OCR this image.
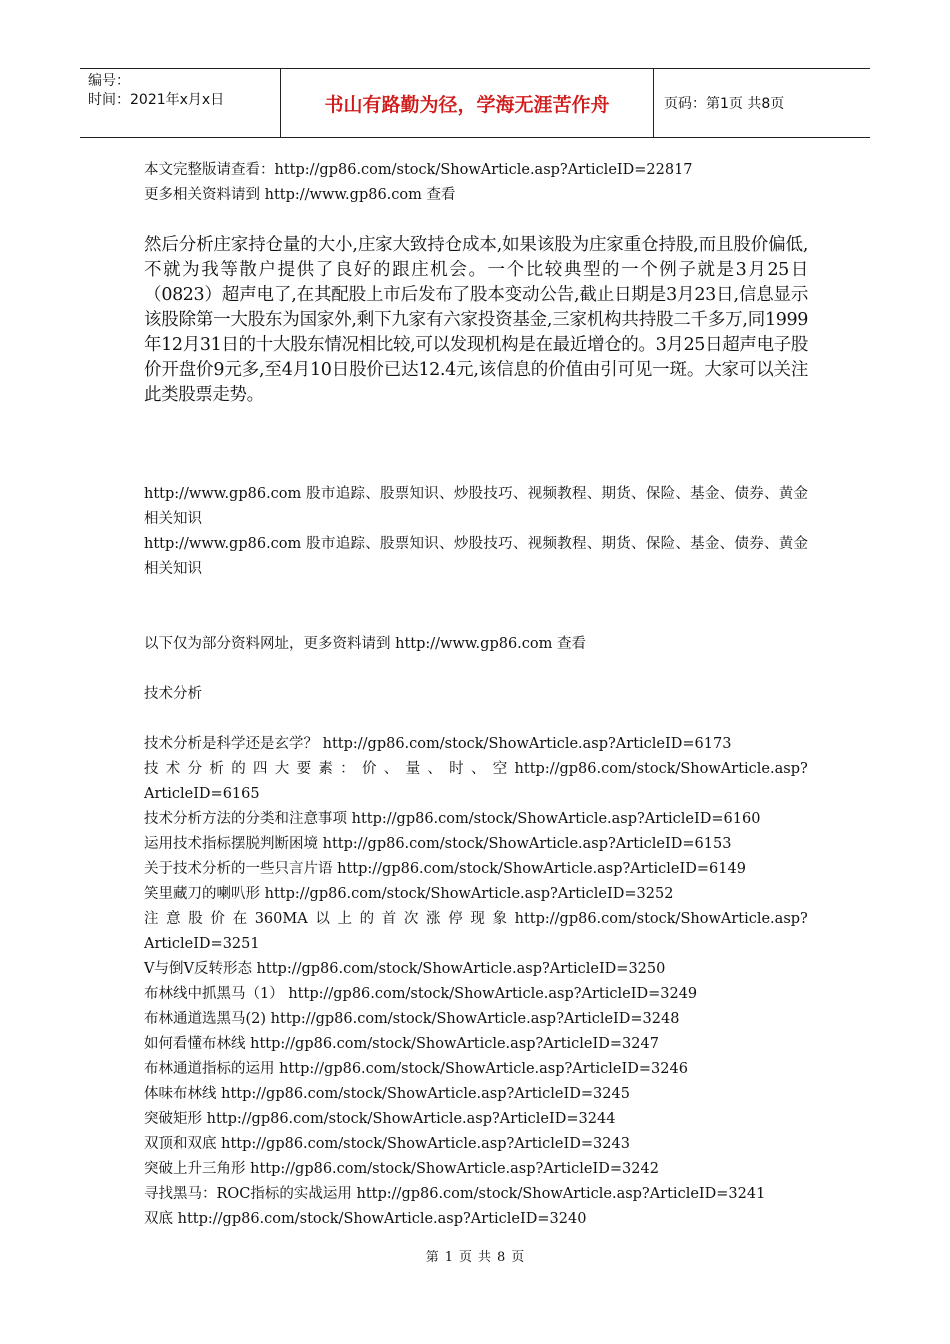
编号：
时间：2021年x月x日	书山有路勤为径，学海无涯苦作舟	页码：第1页 共8页

本文完整版请查看：http://gp86.com/stock/ShowArticle.asp?ArticleID=22817

更多相关资料请到 http://www.gp86.com 查看

然后分析庄家持仓量的大小,庄家大致持仓成本,如果该股为庄家重仓持股,而且股价偏低,不就为我等散户提供了良好的跟庄机会。一个比较典型的一个例子就是3月25日（0823）超声电了,在其配股上市后发布了股本变动公告,截止日期是3月23日,信息显示该股除第一大股东为国家外,剩下九家有六家投资基金,三家机构共持股二千多万,同1999年12月31日的十大股东情况相比较,可以发现机构是在最近增仓的。3月25日超声电子股价开盘价9元多,至4月10日股价已达12.4元,该信息的价值由引可见一斑。大家可以关注此类股票走势。

http://www.gp86.com 股市追踪、股票知识、炒股技巧、视频教程、期货、保险、基金、债券、黄金相关知识

http://www.gp86.com 股市追踪、股票知识、炒股技巧、视频教程、期货、保险、基金、债券、黄金相关知识

以下仅为部分资料网址，更多资料请到 http://www.gp86.com 查看

技术分析

技术分析是科学还是玄学？ http://gp86.com/stock/ShowArticle.asp?ArticleID=6173

技 术 分 析 的 四 大 要 素 ： 价 、 量 、 时 、 空 http://gp86.com/stock/ShowArticle.asp?

ArticleID=6165

技术分析方法的分类和注意事项 http://gp86.com/stock/ShowArticle.asp?ArticleID=6160

运用技术指标摆脱判断困境 http://gp86.com/stock/ShowArticle.asp?ArticleID=6153

关于技术分析的一些只言片语 http://gp86.com/stock/ShowArticle.asp?ArticleID=6149

笑里藏刀的喇叭形 http://gp86.com/stock/ShowArticle.asp?ArticleID=3252

注 意 股 价 在 360MA 以 上 的 首 次 涨 停 现 象 http://gp86.com/stock/ShowArticle.asp?

ArticleID=3251

V与倒V反转形态 http://gp86.com/stock/ShowArticle.asp?ArticleID=3250

布林线中抓黑马（1） http://gp86.com/stock/ShowArticle.asp?ArticleID=3249

布林通道选黑马(2) http://gp86.com/stock/ShowArticle.asp?ArticleID=3248

如何看懂布林线 http://gp86.com/stock/ShowArticle.asp?ArticleID=3247

布林通道指标的运用 http://gp86.com/stock/ShowArticle.asp?ArticleID=3246

体味布林线 http://gp86.com/stock/ShowArticle.asp?ArticleID=3245

突破矩形 http://gp86.com/stock/ShowArticle.asp?ArticleID=3244

双顶和双底 http://gp86.com/stock/ShowArticle.asp?ArticleID=3243

突破上升三角形 http://gp86.com/stock/ShowArticle.asp?ArticleID=3242

寻找黑马：ROC指标的实战运用 http://gp86.com/stock/ShowArticle.asp?ArticleID=3241

双底 http://gp86.com/stock/ShowArticle.asp?ArticleID=3240

第 1 页 共 8 页
